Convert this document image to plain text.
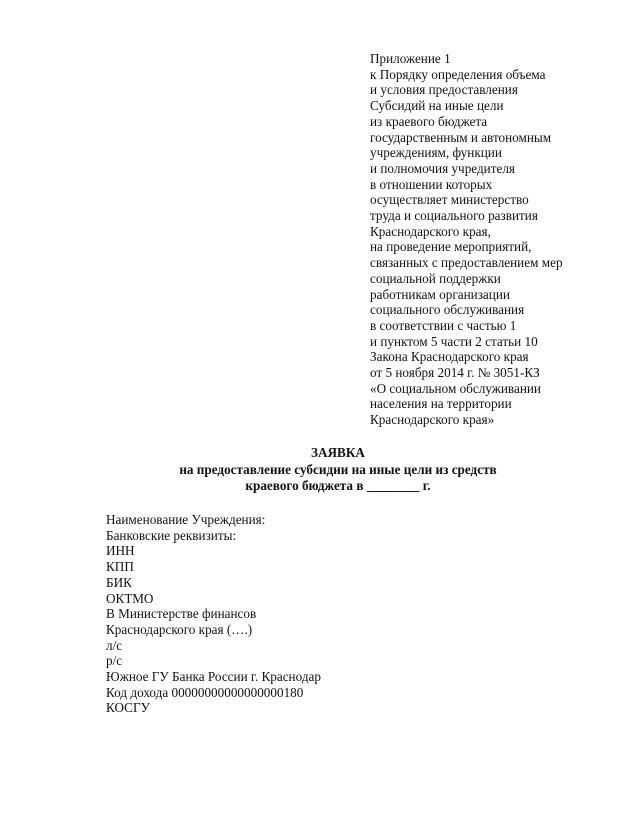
Приложение 1
к Порядку определения объема
и условия предоставления
Субсидий на иные цели
из краевого бюджета
государственным и автономным
учреждениям, функции
и полномочия учредителя
в отношении которых
осуществляет министерство
труда и социального развития
Краснодарского края,
на проведение мероприятий,
связанных с предоставлением мер
социальной поддержки
работникам организации
социального обслуживания
в соответствии с частью 1
и пунктом 5 части 2 статьи 10
Закона Краснодарского края
от 5 ноября 2014 г. № 3051-КЗ
«О социальном обслуживании
населения на территории
Краснодарского края»
ЗАЯВКА
на предоставление субсидии на иные цели из средств
краевого бюджета в ________ г.
Наименование Учреждения:
Банковские реквизиты:
ИНН
КПП
БИК
ОКТМО
В Министерстве финансов
Краснодарского края (….)
л/с
р/с
Южное ГУ Банка России г. Краснодар
Код дохода 00000000000000000180
КОСГУ
